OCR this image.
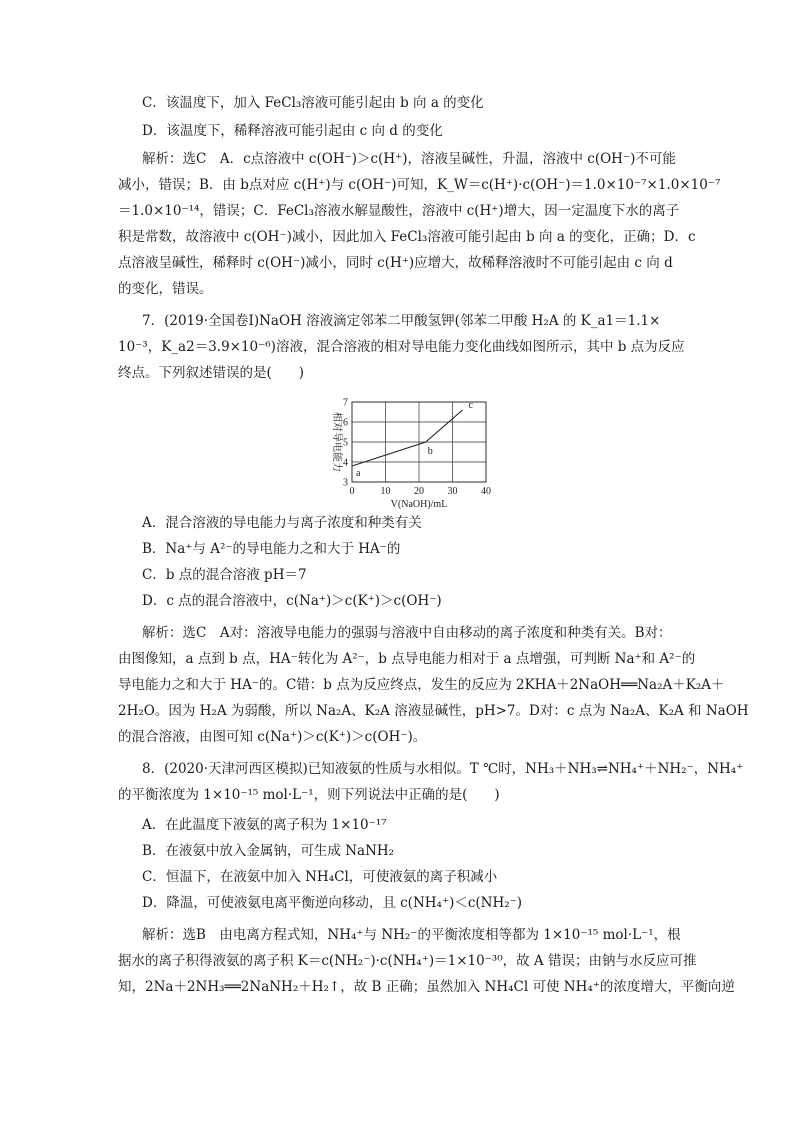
C．该温度下，加入 FeCl₃溶液可能引起由 b 向 a 的变化
D．该温度下，稀释溶液可能引起由 c 向 d 的变化
解析：选C　A．c点溶液中 c(OH⁻)＞c(H⁺)，溶液呈碱性，升温，溶液中 c(OH⁻)不可能
减小，错误；B．由 b点对应 c(H⁺)与 c(OH⁻)可知，K_W＝c(H⁺)·c(OH⁻)＝1.0×10⁻⁷×1.0×10⁻⁷
＝1.0×10⁻¹⁴，错误；C．FeCl₃溶液水解显酸性，溶液中 c(H⁺)增大，因一定温度下水的离子
积是常数，故溶液中 c(OH⁻)减小，因此加入 FeCl₃溶液可能引起由 b 向 a 的变化，正确；D．c
点溶液呈碱性，稀释时 c(OH⁻)减小，同时 c(H⁺)应增大，故稀释溶液时不可能引起由 c 向 d
的变化，错误。
7．(2019·全国卷Ⅰ)NaOH 溶液滴定邻苯二甲酸氢钾(邻苯二甲酸 H₂A 的 K_a1＝1.1×
10⁻³，K_a2＝3.9×10⁻⁶)溶液，混合溶液的相对导电能力变化曲线如图所示，其中 b 点为反应
终点。下列叙述错误的是(　　)
0	10 20 30 40
3
4
5
6
7
a
b
c
相对导电能力
V(NaOH)/mL
A．混合溶液的导电能力与离子浓度和种类有关
B．Na⁺与 A²⁻的导电能力之和大于 HA⁻的
C．b 点的混合溶液 pH＝7
D．c 点的混合溶液中，c(Na⁺)＞c(K⁺)＞c(OH⁻)
解析：选C　A对：溶液导电能力的强弱与溶液中自由移动的离子浓度和种类有关。B对：
由图像知，a 点到 b 点，HA⁻转化为 A²⁻，b 点导电能力相对于 a 点增强，可判断 Na⁺和 A²⁻的
导电能力之和大于 HA⁻的。C错：b 点为反应终点，发生的反应为 2KHA＋2NaOH══Na₂A＋K₂A＋
2H₂O。因为 H₂A 为弱酸，所以 Na₂A、K₂A 溶液显碱性，pH>7。D对：c 点为 Na₂A、K₂A 和 NaOH
的混合溶液，由图可知 c(Na⁺)＞c(K⁺)＞c(OH⁻)。
8．(2020·天津河西区模拟)已知液氨的性质与水相似。T ℃时，NH₃＋NH₃⇌NH₄⁺＋NH₂⁻，NH₄⁺
的平衡浓度为 1×10⁻¹⁵ mol·L⁻¹，则下列说法中正确的是(　　)
A．在此温度下液氨的离子积为 1×10⁻¹⁷
B．在液氨中放入金属钠，可生成 NaNH₂
C．恒温下，在液氨中加入 NH₄Cl，可使液氨的离子积减小
D．降温，可使液氨电离平衡逆向移动，且 c(NH₄⁺)＜c(NH₂⁻)
解析：选B　由电离方程式知，NH₄⁺与 NH₂⁻的平衡浓度相等都为 1×10⁻¹⁵ mol·L⁻¹，根
据水的离子积得液氨的离子积 K＝c(NH₂⁻)·c(NH₄⁺)＝1×10⁻³⁰，故 A 错误；由钠与水反应可推
知，2Na＋2NH₃══2NaNH₂＋H₂↑，故 B 正确；虽然加入 NH₄Cl 可使 NH₄⁺的浓度增大，平衡向逆
